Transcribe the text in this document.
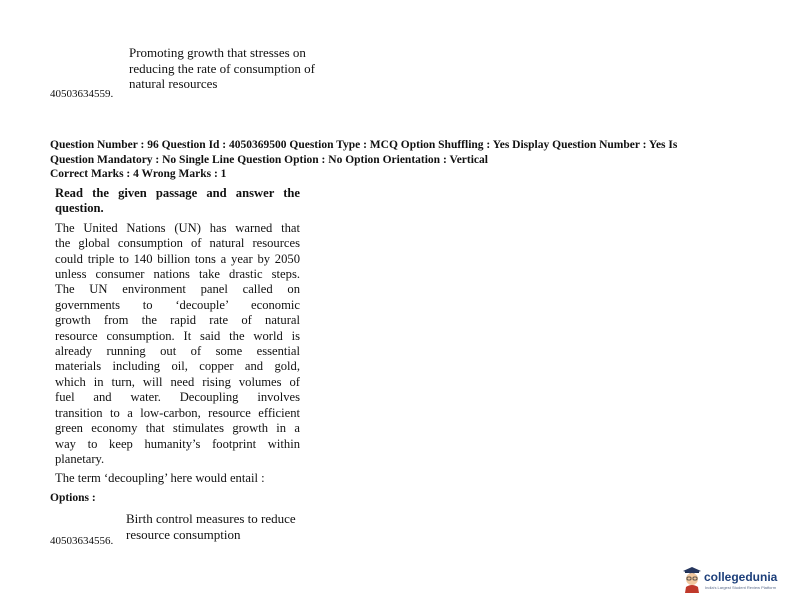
Promoting growth that stresses on
reducing the rate of consumption of
natural resources
40503634559.
Question Number : 96 Question Id : 4050369500 Question Type : MCQ Option Shuffling : Yes Display Question Number : Yes Is
Question Mandatory : No Single Line Question Option : No Option Orientation : Vertical
Correct Marks : 4 Wrong Marks : 1
Read the given passage and answer the
question.
The United Nations (UN) has warned that
the global consumption of natural resources
could triple to 140 billion tons a year by 2050
unless consumer nations take drastic steps.
The UN environment panel called on
governments to ‘decouple’ economic
growth from the rapid rate of natural
resource consumption. It said the world is
already running out of some essential
materials including oil, copper and gold,
which in turn, will need rising volumes of
fuel and water. Decoupling involves
transition to a low-carbon, resource efficient
green economy that stimulates growth in a
way to keep humanity’s footprint within
planetary.
The term ‘decoupling’ here would entail :
Options :
Birth control measures to reduce
resource consumption
40503634556.
collegedunia
India's Largest Student Review Platform
